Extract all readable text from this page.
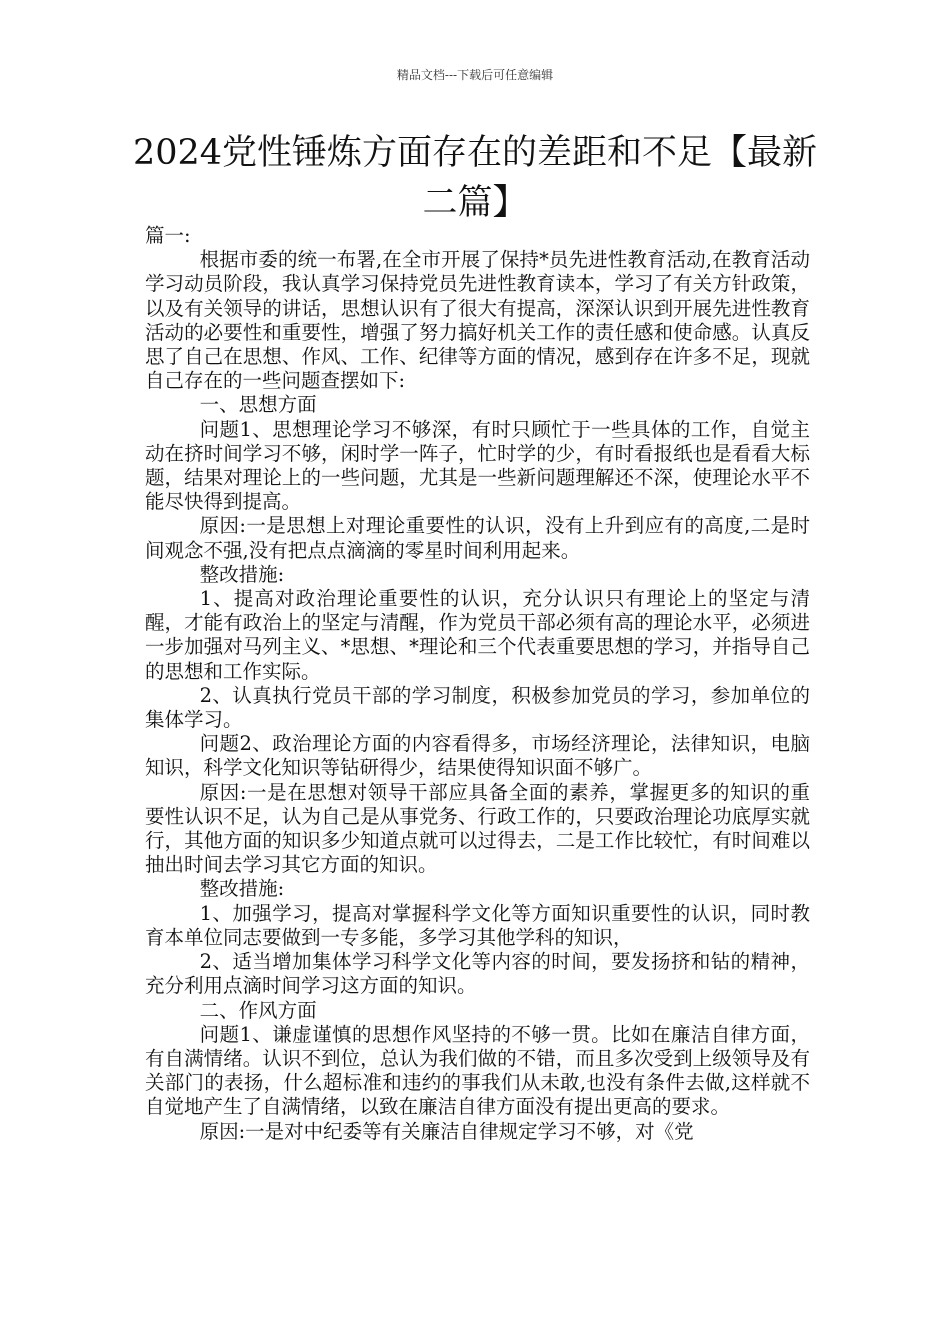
精品文档---下载后可任意编辑
2024党性锤炼方面存在的差距和不足【最新二篇】

篇一:

根据市委的统一布署,在全市开展了保持*员先进性教育活动,在教育活动学习动员阶段，我认真学习保持党员先进性教育读本，学习了有关方针政策，以及有关领导的讲话，思想认识有了很大有提高，深深认识到开展先进性教育活动的必要性和重要性，增强了努力搞好机关工作的责任感和使命感。认真反思了自己在思想、作风、工作、纪律等方面的情况，感到存在许多不足，现就自己存在的一些问题查摆如下:

一、思想方面

问题1、思想理论学习不够深，有时只顾忙于一些具体的工作，自觉主动在挤时间学习不够，闲时学一阵子，忙时学的少，有时看报纸也是看看大标题，结果对理论上的一些问题，尤其是一些新问题理解还不深，使理论水平不能尽快得到提高。

原因:一是思想上对理论重要性的认识，没有上升到应有的高度,二是时间观念不强,没有把点点滴滴的零星时间利用起来。

整改措施:

1、提高对政治理论重要性的认识，充分认识只有理论上的坚定与清醒，才能有政治上的坚定与清醒，作为党员干部必须有高的理论水平，必须进一步加强对马列主义、*思想、*理论和三个代表重要思想的学习，并指导自己的思想和工作实际。

2、认真执行党员干部的学习制度，积极参加党员的学习，参加单位的集体学习。

问题2、政治理论方面的内容看得多，市场经济理论，法律知识，电脑知识，科学文化知识等钻研得少，结果使得知识面不够广。

原因:一是在思想对领导干部应具备全面的素养，掌握更多的知识的重要性认识不足，认为自己是从事党务、行政工作的，只要政治理论功底厚实就行，其他方面的知识多少知道点就可以过得去，二是工作比较忙，有时间难以抽出时间去学习其它方面的知识。

整改措施:

1、加强学习，提高对掌握科学文化等方面知识重要性的认识，同时教育本单位同志要做到一专多能，多学习其他学科的知识，

2、适当增加集体学习科学文化等内容的时间，要发扬挤和钻的精神，充分利用点滴时间学习这方面的知识。

二、作风方面

问题1、谦虚谨慎的思想作风坚持的不够一贯。比如在廉洁自律方面，有自满情绪。认识不到位，总认为我们做的不错，而且多次受到上级领导及有关部门的表扬，什么超标准和违约的事我们从未敢,也没有条件去做,这样就不自觉地产生了自满情绪，以致在廉洁自律方面没有提出更高的要求。

原因:一是对中纪委等有关廉洁自律规定学习不够，对《党
